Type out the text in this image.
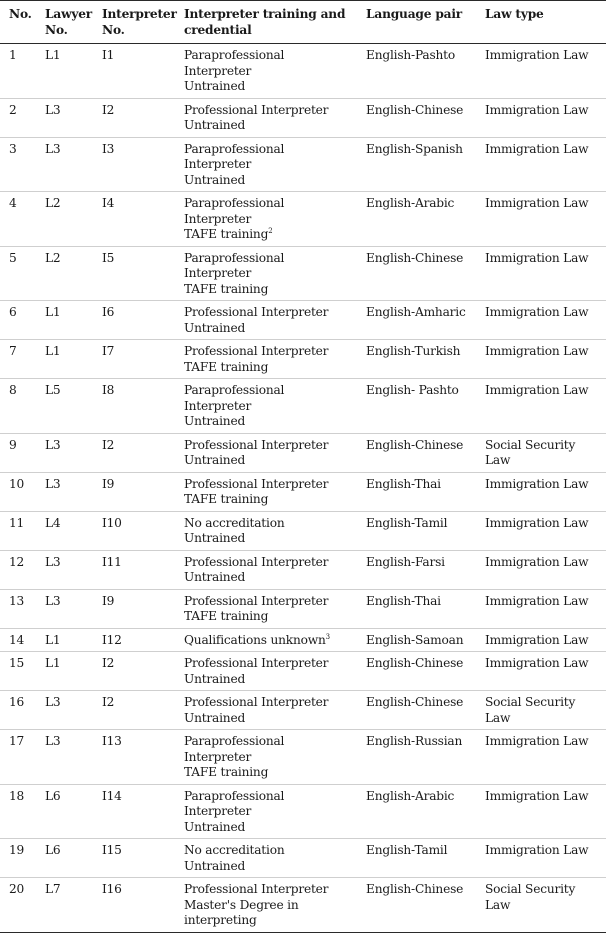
No.	Lawyer No.	Interpreter No.	Interpreter training and credential	Language pair	Law type
1	L1	I1	Paraprofessional Interpreter
Untrained	English-Pashto	Immigration Law
2	L3	I2	Professional Interpreter
Untrained	English-Chinese	Immigration Law
3	L3	I3	Paraprofessional Interpreter
Untrained	English-Spanish	Immigration Law
4	L2	I4	Paraprofessional Interpreter
TAFE training$^2$	English-Arabic	Immigration Law
5	L2	I5	Paraprofessional Interpreter
TAFE training	English-Chinese	Immigration Law
6	L1	I6	Professional Interpreter
Untrained	English-Amharic	Immigration Law
7	L1	I7	Professional Interpreter
TAFE training	English-Turkish	Immigration Law
8	L5	I8	Paraprofessional Interpreter
Untrained	English- Pashto	Immigration Law
9	L3	I2	Professional Interpreter
Untrained	English-Chinese	Social Security Law
10	L3	I9	Professional Interpreter
TAFE training	English-Thai	Immigration Law
11	L4	I10	No accreditation
Untrained	English-Tamil	Immigration Law
12	L3	I11	Professional Interpreter
Untrained	English-Farsi	Immigration Law
13	L3	I9	Professional Interpreter
TAFE training	English-Thai	Immigration Law
14	L1	I12	Qualifications unknown$^3$	English-Samoan	Immigration Law
15	L1	I2	Professional Interpreter
Untrained	English-Chinese	Immigration Law
16	L3	I2	Professional Interpreter
Untrained	English-Chinese	Social Security Law
17	L3	I13	Paraprofessional Interpreter
TAFE training	English-Russian	Immigration Law
18	L6	I14	Paraprofessional Interpreter
Untrained	English-Arabic	Immigration Law
19	L6	I15	No accreditation
Untrained	English-Tamil	Immigration Law
20	L7	I16	Professional Interpreter
Master's Degree in interpreting	English-Chinese	Social Security Law
